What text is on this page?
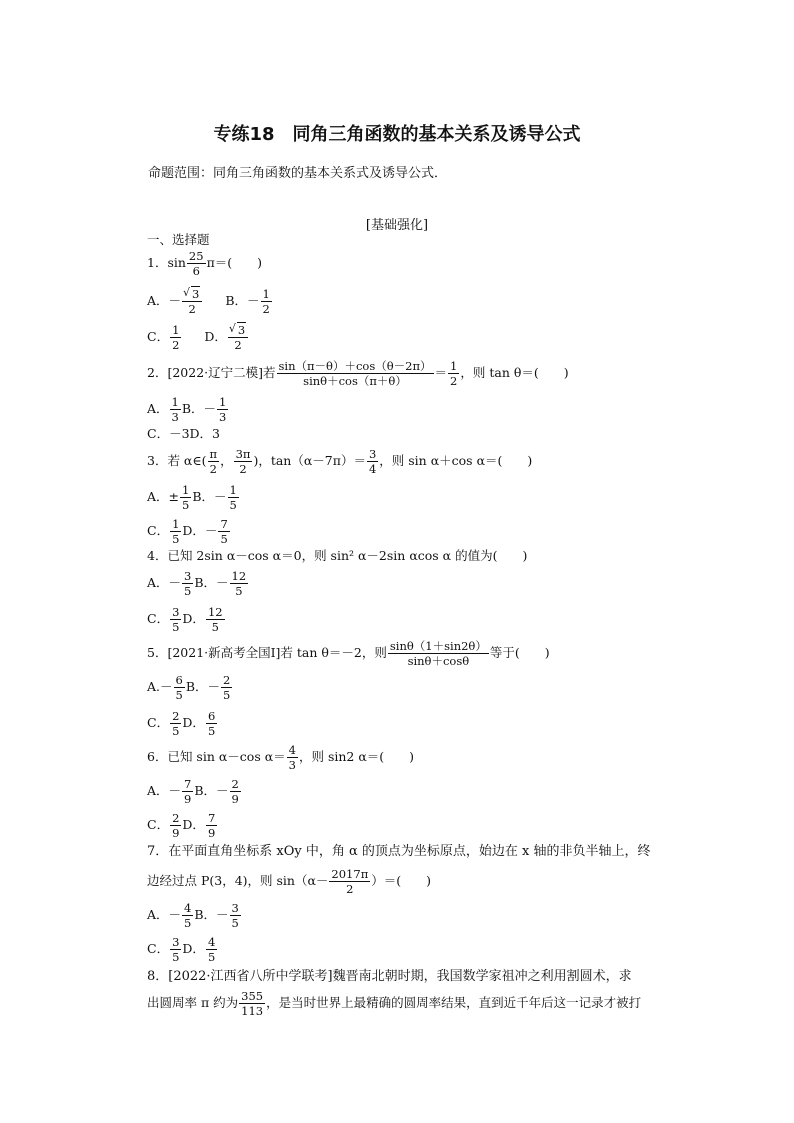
专练18　同角三角函数的基本关系及诱导公式
命题范围：同角三角函数的基本关系式及诱导公式．
[基础强化]
一、选择题
1．$\sin \frac{25}{6} \pi=$(　　)
A．－ √ $\frac{3}{2}$ B．－ $\frac{1}{2}$
C． $\frac{1}{2}$ D． √ $\frac{3}{2}$
2．[2022·辽宁二模]若 $\frac{\sin(\pi-\theta)+\cos(\theta-2\pi)}{\sin\theta+\cos(\pi+\theta)} = \frac{1}{2}$ ，则 tan θ＝(　　)
A． $\frac{1}{3}$ B．－ $\frac{1}{3}$
C．－3D．3
3．若 α∈( $\frac{\pi}{2}$ ， $\frac{3\pi}{2}$ )，$\tan(\alpha-7\pi)= \frac{3}{4}$ ，则 sin α＋cos α＝(　　)
A．± $\frac{1}{5}$ B．－ $\frac{1}{5}$
C． $\frac{1}{5}$ D．－ $\frac{7}{5}$
4．已知 2sin α－cos α＝0，则 sin² α－2sin αcos α 的值为(　　)
A．－ $\frac{3}{5}$ B．－ $\frac{12}{5}$
C． $\frac{3}{5}$ D． $\frac{12}{5}$
5．[2021·新高考全国Ⅰ]若 tan θ＝－2，则 $\frac{\sin\theta(1+\sin 2\theta)}{\sin\theta+\cos\theta}$ 等于(　　)
$A.- \frac{6}{5}$ B．－ $\frac{2}{5}$
C． $\frac{2}{5}$ D． $\frac{6}{5}$
6．已知 sin α－cos $\alpha= \frac{4}{3}$ ，则 sin2 α＝(　　)
A．－ $\frac{7}{9}$ B．－ $\frac{2}{9}$
C． $\frac{2}{9}$ D． $\frac{7}{9}$
7．在平面直角坐标系 xOy 中，角 α 的顶点为坐标原点，始边在 x 轴的非负半轴上，终
边经过点 P(3，4)，则 $\sin(\alpha- \frac{2017\pi}{2}$ ）＝(　　)
A．－ $\frac{4}{5}$ B．－ $\frac{3}{5}$
C． $\frac{3}{5}$ D． $\frac{4}{5}$
8．[2022·江西省八所中学联考]魏晋南北朝时期，我国数学家祖冲之利用割圆术，求
出圆周率 π 约为 $\frac{355}{113}$ ，是当时世界上最精确的圆周率结果，直到近千年后这一记录才被打
